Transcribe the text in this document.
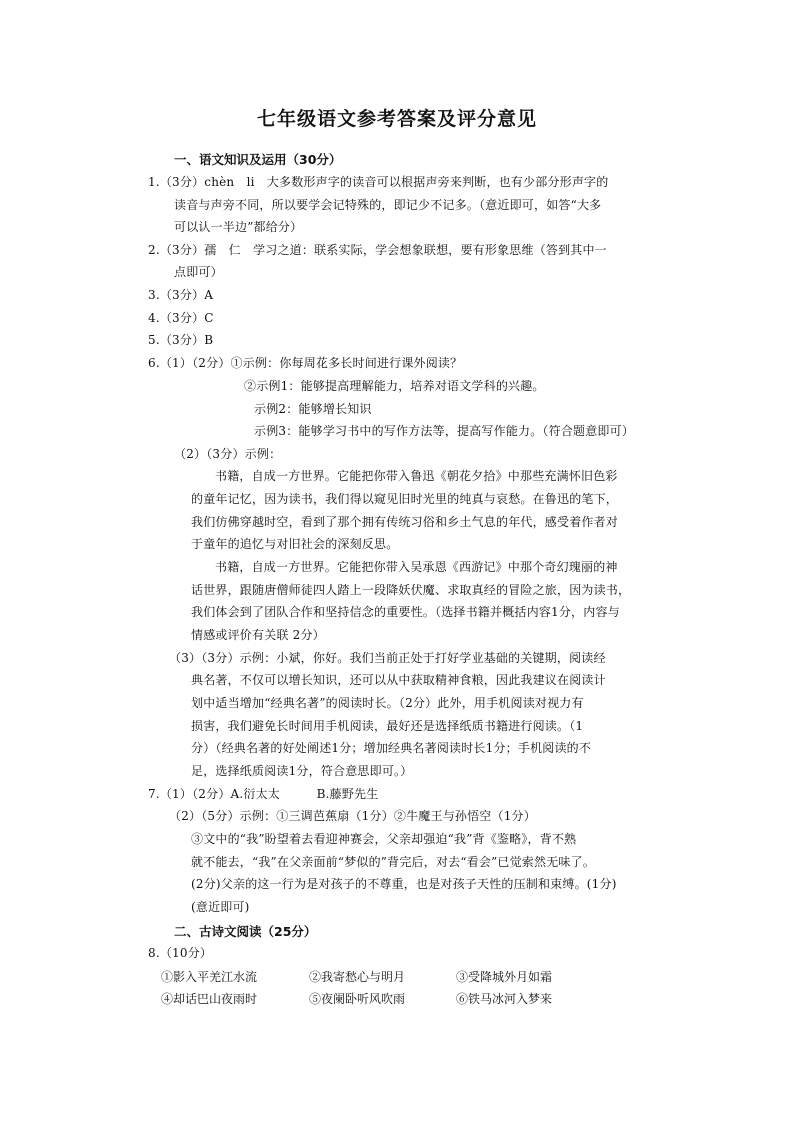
七年级语文参考答案及评分意见
一、语文知识及运用（30分）
1.（3分）chèn　li　大多数形声字的读音可以根据声旁来判断，也有少部分形声字的
读音与声旁不同，所以要学会记特殊的，即记少不记多。（意近即可，如答“大多
可以认一半边”都给分）
2.（3分）孺　仁　学习之道：联系实际，学会想象联想，要有形象思维（答到其中一
点即可）
3.（3分）A
4.（3分）C
5.（3分）B
6.（1）（2分）①示例：你每周花多长时间进行课外阅读？
②示例1：能够提高理解能力，培养对语文学科的兴趣。
示例2：能够增长知识
示例3：能够学习书中的写作方法等，提高写作能力。（符合题意即可）
（2）（3分）示例：
书籍，自成一方世界。它能把你带入鲁迅《朝花夕拾》中那些充满怀旧色彩
的童年记忆，因为读书，我们得以窥见旧时光里的纯真与哀愁。在鲁迅的笔下，
我们仿佛穿越时空，看到了那个拥有传统习俗和乡土气息的年代，感受着作者对
于童年的追忆与对旧社会的深刻反思。
书籍，自成一方世界。它能把你带入吴承恩《西游记》中那个奇幻瑰丽的神
话世界，跟随唐僧师徒四人踏上一段降妖伏魔、求取真经的冒险之旅，因为读书，
我们体会到了团队合作和坚持信念的重要性。（选择书籍并概括内容1分，内容与
情感或评价有关联 2分）
（3）（3分）示例：小斌，你好。我们当前正处于打好学业基础的关键期，阅读经
典名著，不仅可以增长知识，还可以从中获取精神食粮，因此我建议在阅读计
划中适当增加“经典名著”的阅读时长。（2分）此外，用手机阅读对视力有
损害，我们避免长时间用手机阅读，最好还是选择纸质书籍进行阅读。（1
分）（经典名著的好处阐述1分；增加经典名著阅读时长1分；手机阅读的不
足，选择纸质阅读1分，符合意思即可。）
7.（1）（2分）A.衍太太　　　B.藤野先生
（2）（5分）示例：①三调芭蕉扇（1分）②牛魔王与孙悟空（1分）
③文中的“我”盼望着去看迎神赛会，父亲却强迫“我”背《鉴略》，背不熟
就不能去，“我”在父亲面前“梦似的”背完后，对去“看会”已觉索然无味了。
(2分)父亲的这一行为是对孩子的不尊重，也是对孩子天性的压制和束缚。(1分)
(意近即可)
二、古诗文阅读（25分）
8.（10分）
①影入平羌江水流	②我寄愁心与明月	③受降城外月如霜
④却话巴山夜雨时	⑤夜阑卧听风吹雨	⑥铁马冰河入梦来
